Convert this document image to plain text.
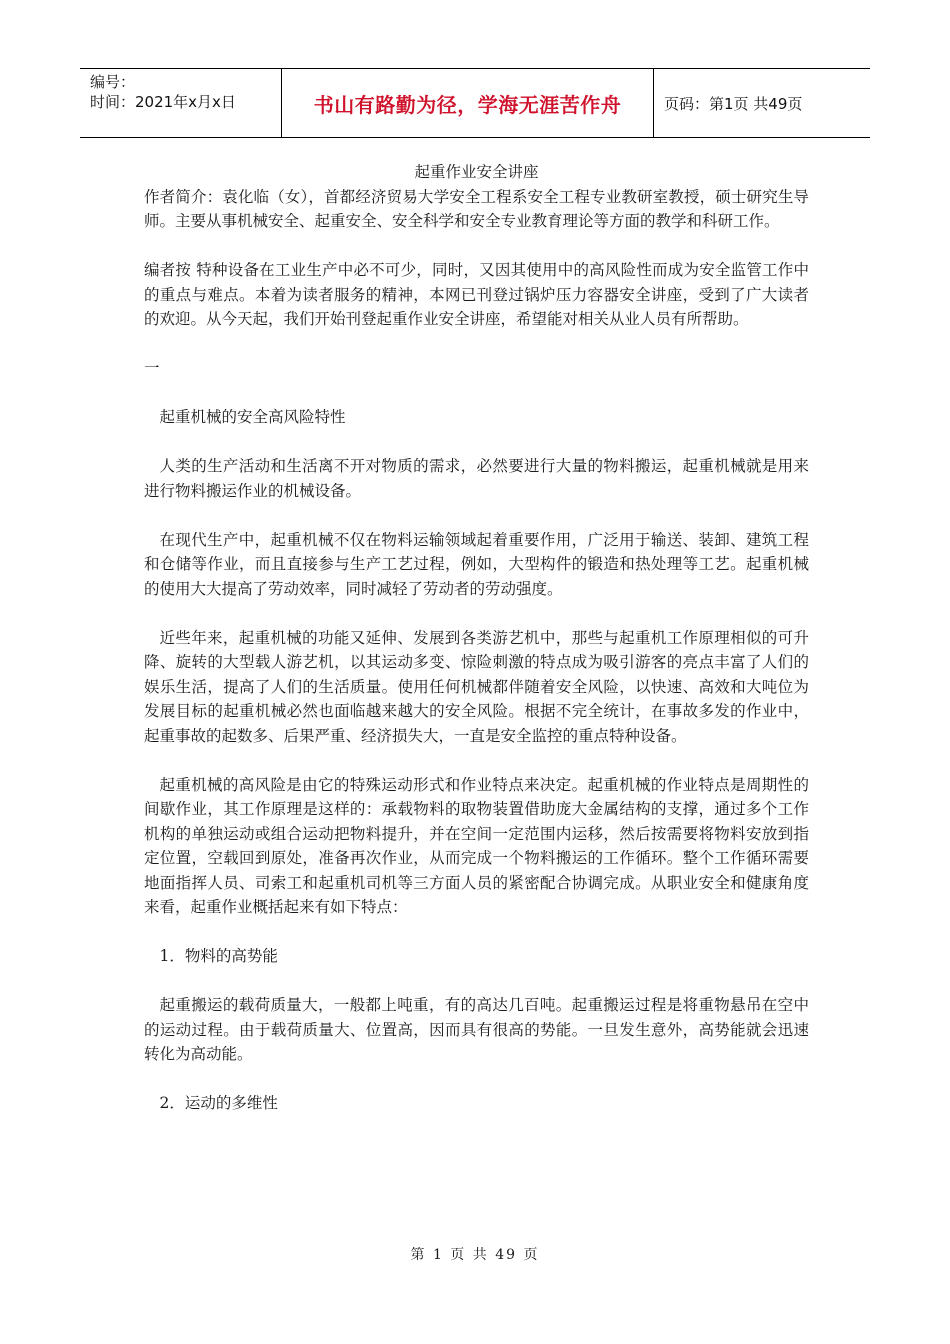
编号：
时间：2021年x月x日	书山有路勤为径，学海无涯苦作舟	页码：第1页 共49页

起重作业安全讲座

作者简介：袁化临（女），首都经济贸易大学安全工程系安全工程专业教研室教授，硕士研究生导师。主要从事机械安全、起重安全、安全科学和安全专业教育理论等方面的教学和科研工作。

编者按 特种设备在工业生产中必不可少，同时，又因其使用中的高风险性而成为安全监管工作中的重点与难点。本着为读者服务的精神，本网已刊登过锅炉压力容器安全讲座，受到了广大读者的欢迎。从今天起，我们开始刊登起重作业安全讲座，希望能对相关从业人员有所帮助。

一

起重机械的安全高风险特性

人类的生产活动和生活离不开对物质的需求，必然要进行大量的物料搬运，起重机械就是用来进行物料搬运作业的机械设备。

在现代生产中，起重机械不仅在物料运输领域起着重要作用，广泛用于输送、装卸、建筑工程和仓储等作业，而且直接参与生产工艺过程，例如，大型构件的锻造和热处理等工艺。起重机械的使用大大提高了劳动效率，同时减轻了劳动者的劳动强度。

近些年来，起重机械的功能又延伸、发展到各类游艺机中，那些与起重机工作原理相似的可升降、旋转的大型载人游艺机，以其运动多变、惊险刺激的特点成为吸引游客的亮点丰富了人们的娱乐生活，提高了人们的生活质量。使用任何机械都伴随着安全风险，以快速、高效和大吨位为发展目标的起重机械必然也面临越来越大的安全风险。根据不完全统计，在事故多发的作业中，起重事故的起数多、后果严重、经济损失大，一直是安全监控的重点特种设备。

起重机械的高风险是由它的特殊运动形式和作业特点来决定。起重机械的作业特点是周期性的间歇作业，其工作原理是这样的：承载物料的取物装置借助庞大金属结构的支撑，通过多个工作机构的单独运动或组合运动把物料提升，并在空间一定范围内运移，然后按需要将物料安放到指定位置，空载回到原处，准备再次作业，从而完成一个物料搬运的工作循环。整个工作循环需要地面指挥人员、司索工和起重机司机等三方面人员的紧密配合协调完成。从职业安全和健康角度来看，起重作业概括起来有如下特点：

1．物料的高势能

起重搬运的载荷质量大，一般都上吨重，有的高达几百吨。起重搬运过程是将重物悬吊在空中的运动过程。由于载荷质量大、位置高，因而具有很高的势能。一旦发生意外，高势能就会迅速转化为高动能。

2．运动的多维性

第 1 页 共 49 页
